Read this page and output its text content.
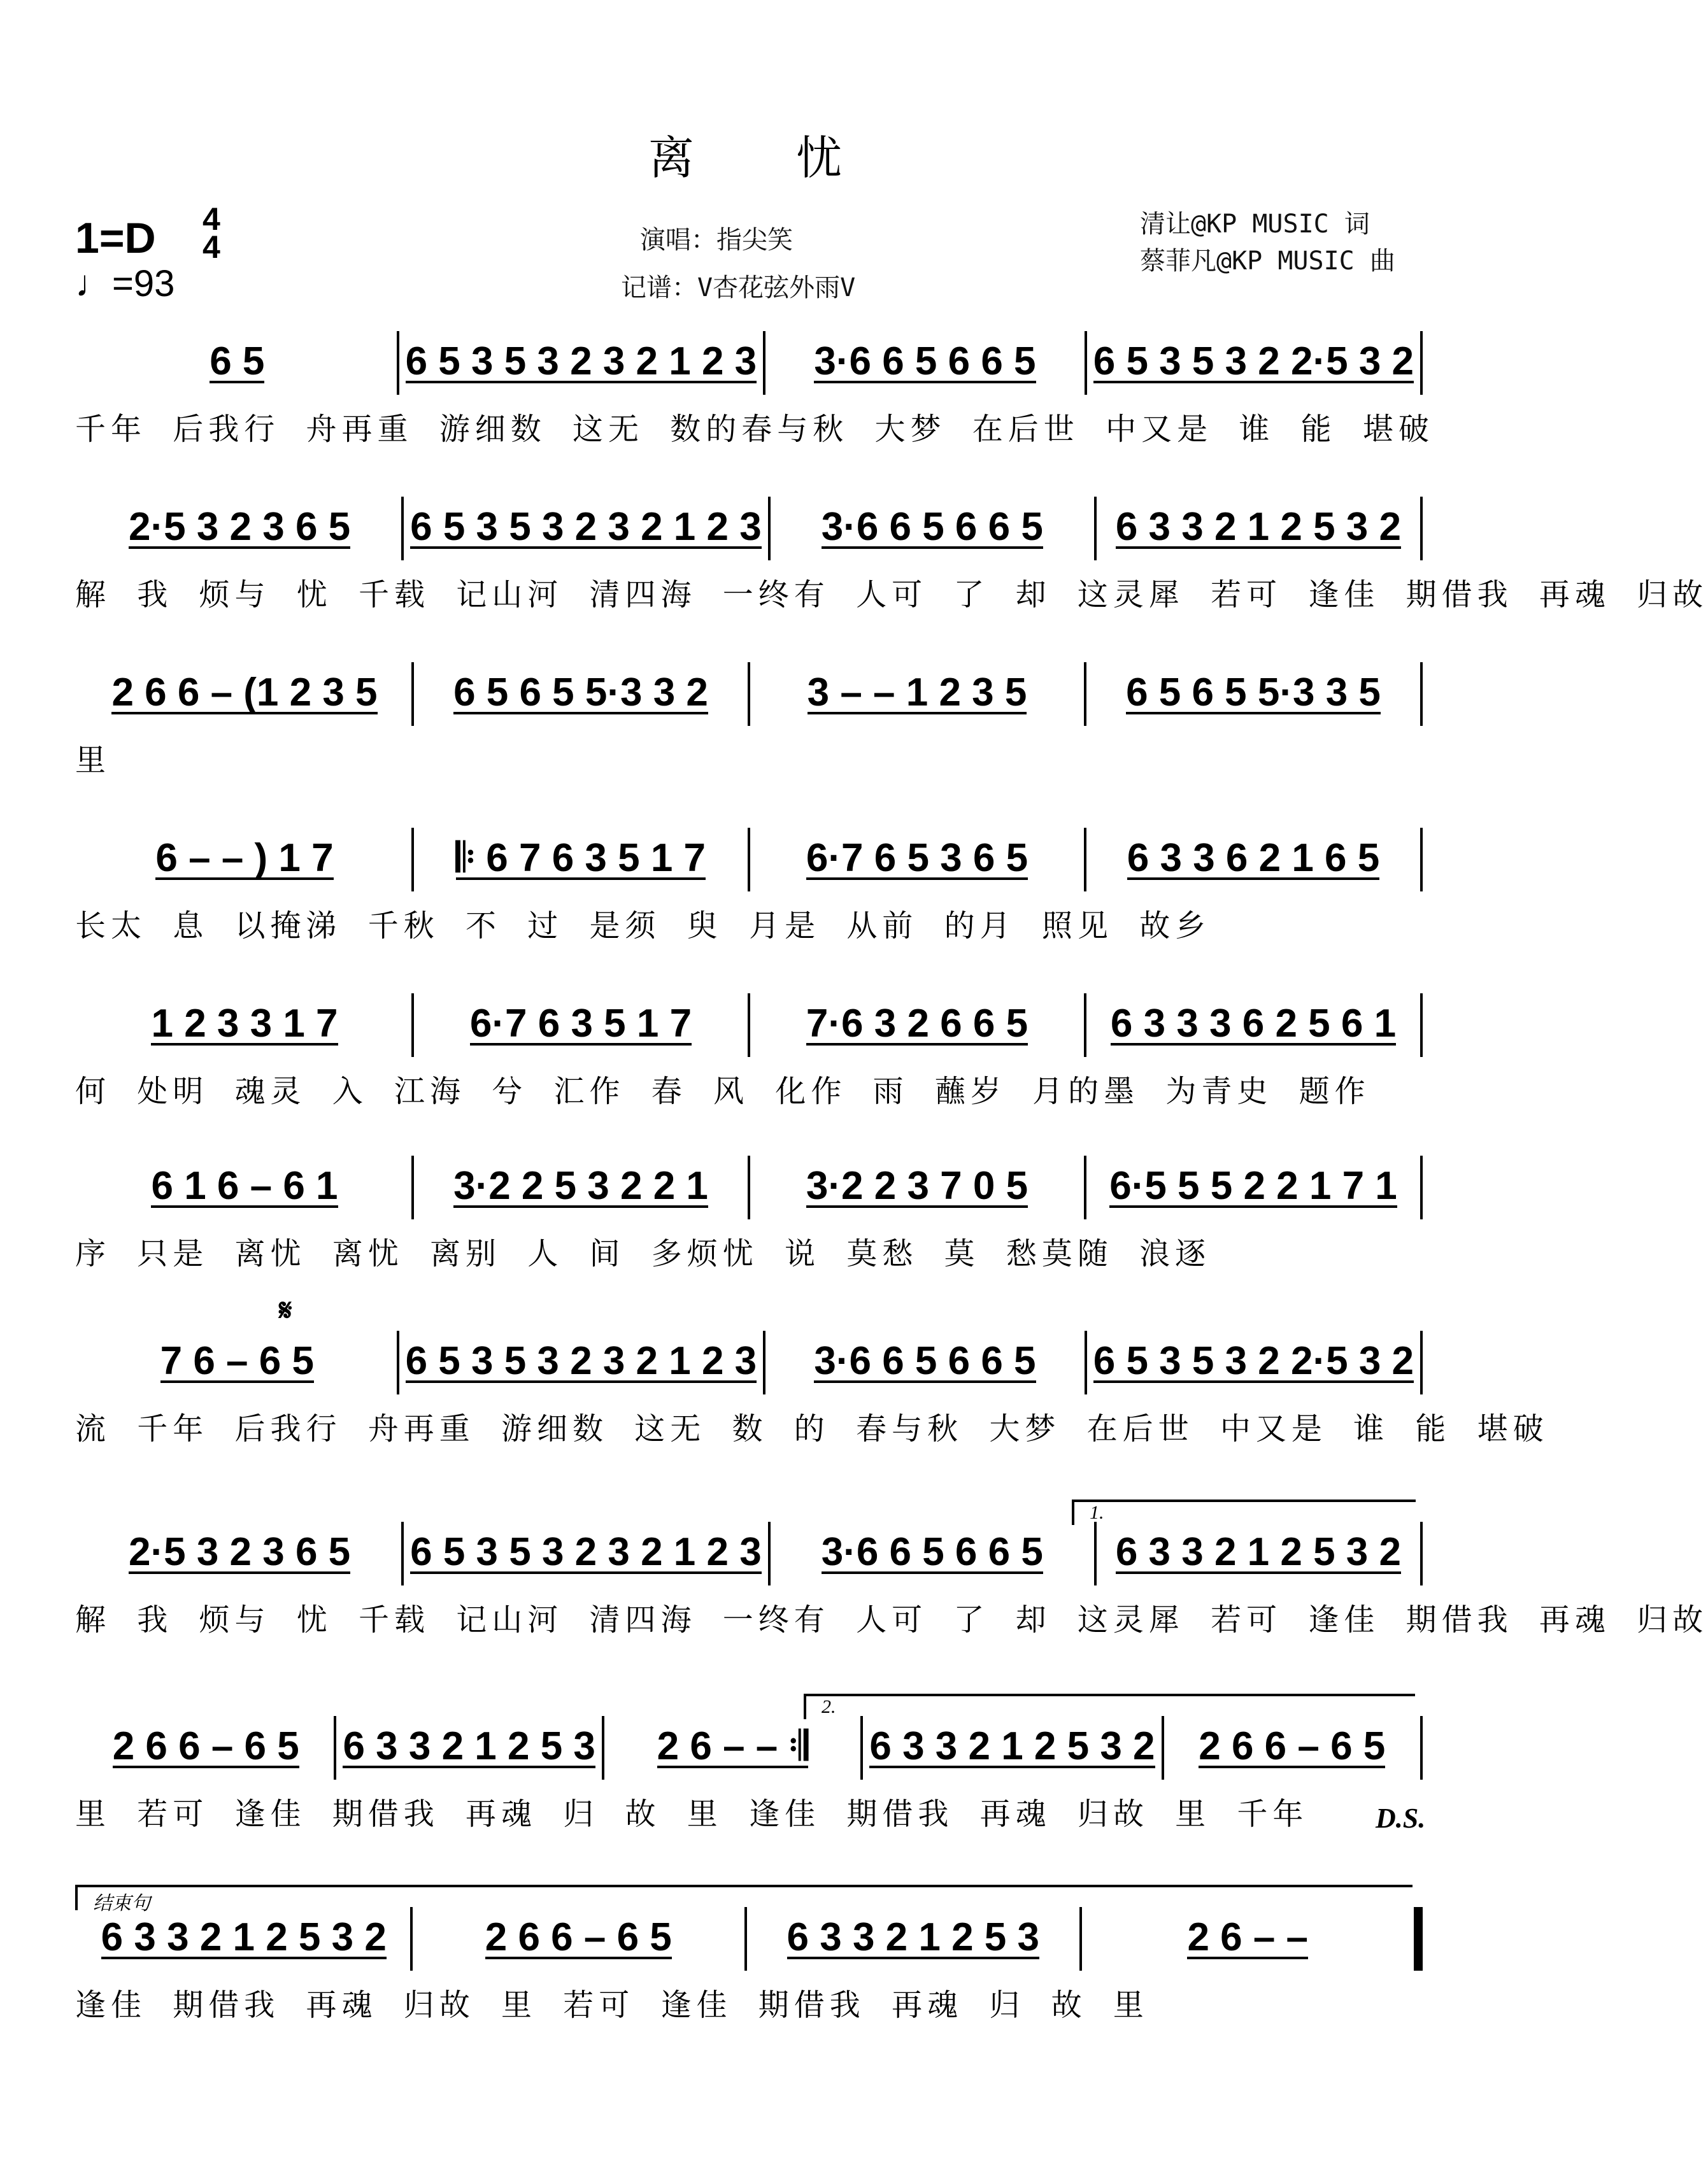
离忧
1=D 4
4
♩=93
演唱：指尖笑
记谱：V杏花弦外雨V
清让@KP MUSIC 词
蔡菲凡@KP MUSIC 曲
6 5	6 5 3 5 3 2 3 2 1 2 3 3·6 6 5 6 6 5 6 5 3 5 3 2 2·5 3 2
千年 后我行 舟再重 游细数 这无 数的春与秋 大梦 在后世 中又是 谁 能 堪破
2·5 3 2 3 6 5 6 5 3 5 3 2 3 2 1 2 3 3·6 6 5 6 6 5 6 3 3 2 1 2 5 3 2
解 我 烦与 忧 千载 记山河 清四海 一终有 人可 了 却 这灵犀 若可 逢佳 期借我 再魂 归故
2 6 6 – (1 2 3 5 6 5 6 5 5·3 3 2	3 – – 1 2 3 5	6 5 6 5 5·3 3 5
里
6 – – ) 1 7	𝄆 6 7 6 3 5 1 7	6·7 6 5 3 6 5	6 3 3 6 2 1 6 5
长太 息 以掩涕 千秋 不 过 是须 臾 月是 从前 的月 照见 故乡
1 2 3 3 1 7	6·7 6 3 5 1 7	7·6 3 2 6 6 5 6 3 3 3 6 2 5 6 1
何 处明 魂灵 入 江海 兮 汇作 春 风 化作 雨 蘸岁 月的墨 为青史 题作
6 1 6 – 6 1	3·2 2 5 3 2 2 1 3·2 2 3 7 0 5 6·5 5 5 2 2 1 7 1
序 只是 离忧 离忧 离别 人 间 多烦忧 说 莫愁 莫 愁莫随 浪逐
7 6 – 6 5 6 5 3 5 3 2 3 2 1 2 3 3·6 6 5 6 6 5 6 5 3 5 3 2 2·5 3 2
流 千年 后我行 舟再重 游细数 这无 数 的 春与秋 大梦 在后世 中又是 谁 能 堪破
2·5 3 2 3 6 5 6 5 3 5 3 2 3 2 1 2 3 3·6 6 5 6 6 5 6 3 3 2 1 2 5 3 2
解 我 烦与 忧 千载 记山河 清四海 一终有 人可 了 却 这灵犀 若可 逢佳 期借我 再魂 归故
2 6 6 – 6 5 6 3 3 2 1 2 5 3 2 6 – – 𝄇 6 3 3 2 1 2 5 3 2 2 6 6 – 6 5
里 若可 逢佳 期借我 再魂 归 故 里 逢佳 期借我 再魂 归故 里 千年
6 3 3 2 1 2 5 3 2 2 6 6 – 6 5	6 3 3 2 1 2 5 3	2 6 – –
逢佳 期借我 再魂 归故 里 若可 逢佳 期借我 再魂 归 故 里
1.
2.
结束句
D.S.
𝄋
